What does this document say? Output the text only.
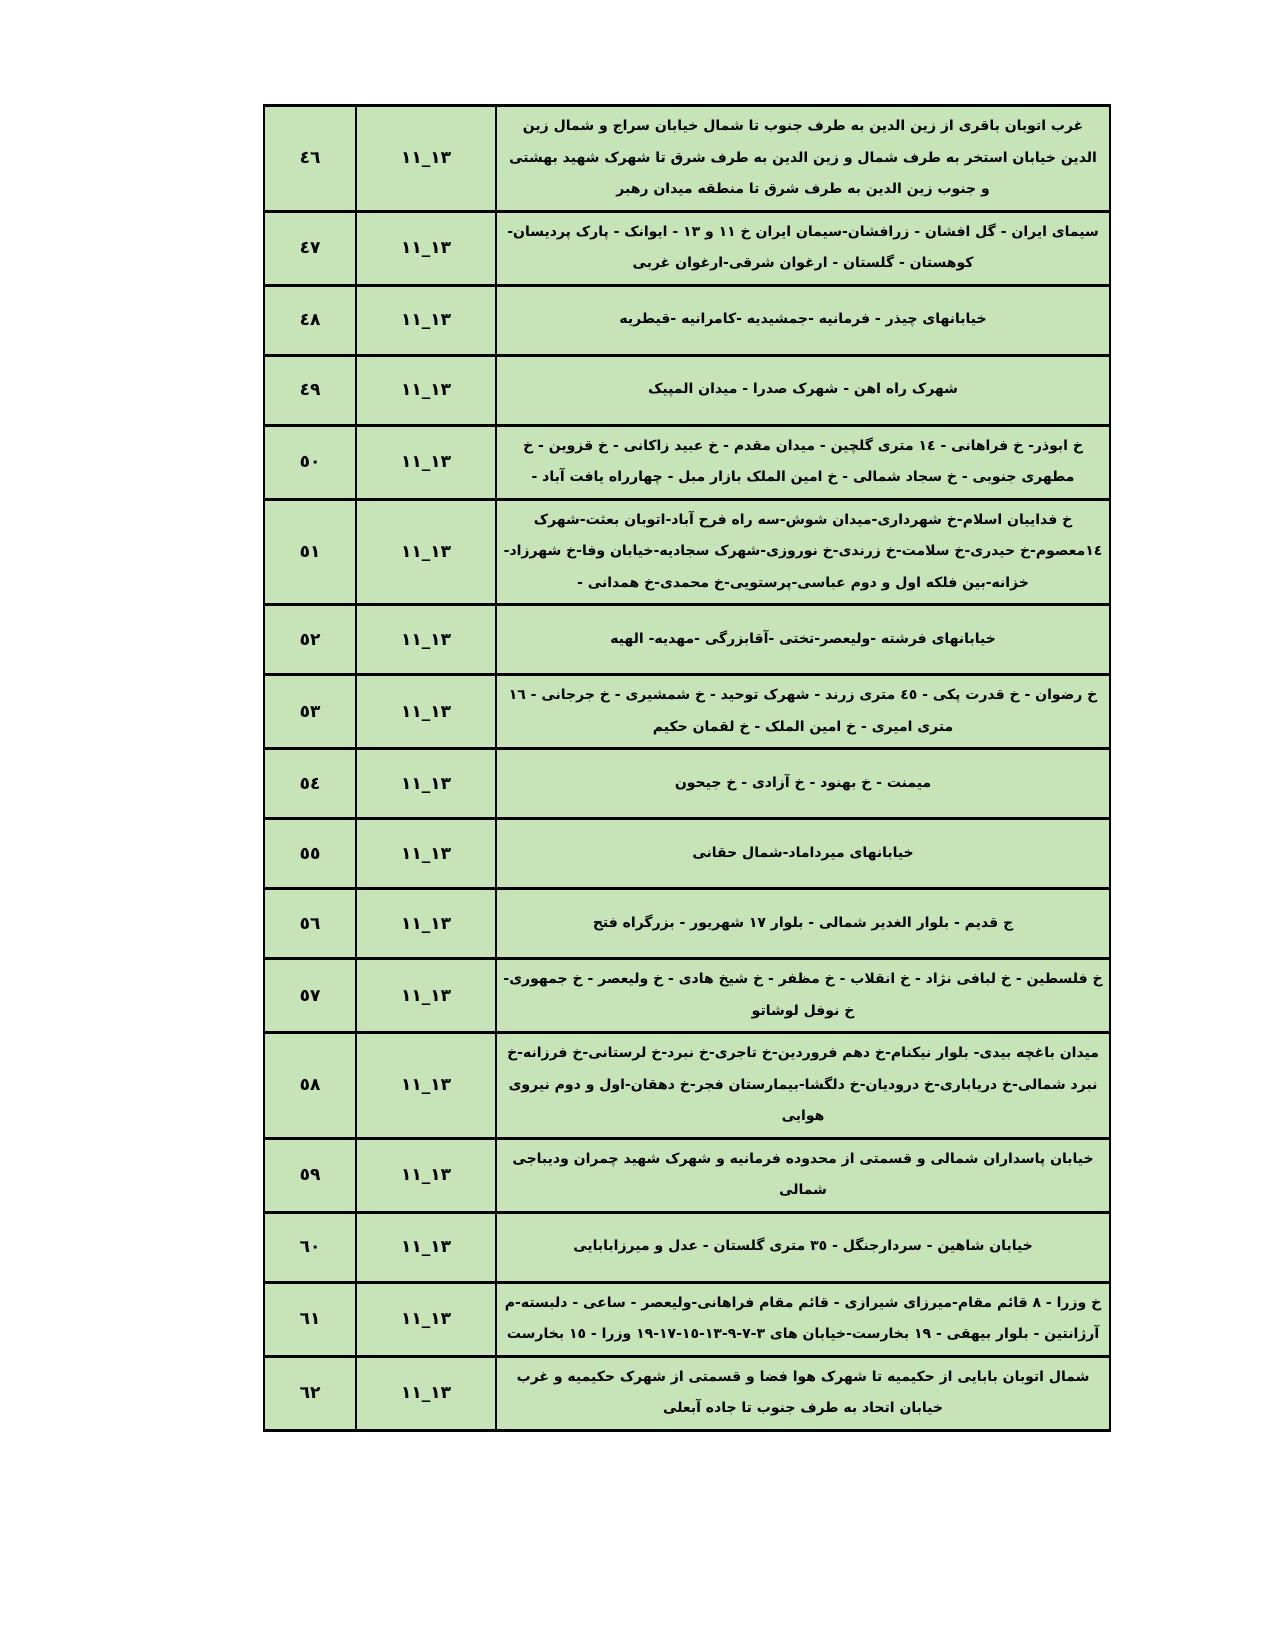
غرب اتوبان باقری از زین الدین به طرف جنوب تا شمال خیابان سراج و شمال زین الدین خیابان استخر به طرف شمال و زین الدین به طرف شرق تا شهرک شهید بهشتی و جنوب زین الدین به طرف شرق تا منطقه میدان رهبر	١٣_١١	٤٦
سیمای ایران - گل افشان - زرافشان-سیمان ایران خ ١١ و ١٣ - ایوانک - پارک پردیسان-کوهستان - گلستان - ارغوان شرقی-ارغوان غربی	١٣_١١	٤٧
خیابانهای چیذر - فرمانیه -جمشیدیه -کامرانیه -قیطریه	١٣_١١	٤٨
شهرک راه اهن - شهرک صدرا - میدان المپیک	١٣_١١	٤٩
خ ابوذر- خ فراهانی - ١٤ متری گلچین - میدان مقدم - خ عبید زاکانی - خ قزوین - خ مطهری جنوبی - خ سجاد شمالی - خ امین الملک بازار مبل - چهارراه یافت آباد -	١٣_١١	٥٠
خ فداییان اسلام-خ شهرداری-میدان شوش-سه راه فرح آباد-اتوبان بعثت-شهرک ١٤معصوم-خ حیدری-خ سلامت-خ زرندی-خ نوروزی-شهرک سجادیه-خیابان وفا-خ شهرزاد-خزانه-بین فلکه اول و دوم عباسی-پرستویی-خ محمدی-خ همدانی -	١٣_١١	٥١
خیابانهای فرشته -ولیعصر-تختی -آقابزرگی -مهدیه- الهیه	١٣_١١	٥٢
خ رضوان - خ قدرت پکی - ٤٥ متری زرند - شهرک توحید - خ شمشیری - خ جرجانی - ١٦ متری امیری - خ امین الملک - خ لقمان حکیم	١٣_١١	٥٣
میمنت - خ بهنود - خ آزادی - خ جیحون	١٣_١١	٥٤
خیابانهای میرداماد-شمال حقانی	١٣_١١	٥٥
ج قدیم - بلوار الغدیر شمالی - بلوار ١٧ شهریور - بزرگراه فتح	١٣_١١	٥٦
خ فلسطین - خ لبافی نژاد - خ انقلاب - خ مظفر - خ شیخ هادی - خ ولیعصر - خ جمهوری- خ نوفل لوشاتو	١٣_١١	٥٧
میدان باغچه بیدی- بلوار نیکنام-خ دهم فروردین-خ تاجری-خ نبرد-خ لرستانی-خ فرزانه-خ نبرد شمالی-خ دریاباری-خ درودیان-خ دلگشا-بیمارستان فجر-خ دهقان-اول و دوم نیروی هوایی	١٣_١١	٥٨
خیابان پاسداران شمالی و قسمتی از محدوده فرمانیه و شهرک شهید چمران ودیباجی شمالی	١٣_١١	٥٩
خیابان شاهین - سردارجنگل - ٣٥ متری گلستان - عدل و میرزابابایی	١٣_١١	٦٠
خ وزرا - ٨ قائم مقام-میرزای شیرازی - قائم مقام فراهانی-ولیعصر - ساعی - دلبسته-م آرژانتین - بلوار بیهقی - ١٩ بخارست-خیابان های ٣-٧-٩-١٣-١٥-١٧-١٩ وزرا - ١٥ بخارست	١٣_١١	٦١
شمال اتوبان بابایی از حکیمیه تا شهرک هوا فضا و قسمتی از شهرک حکیمیه و غرب خیابان اتحاد به طرف جنوب تا جاده آبعلی	١٣_١١	٦٢
